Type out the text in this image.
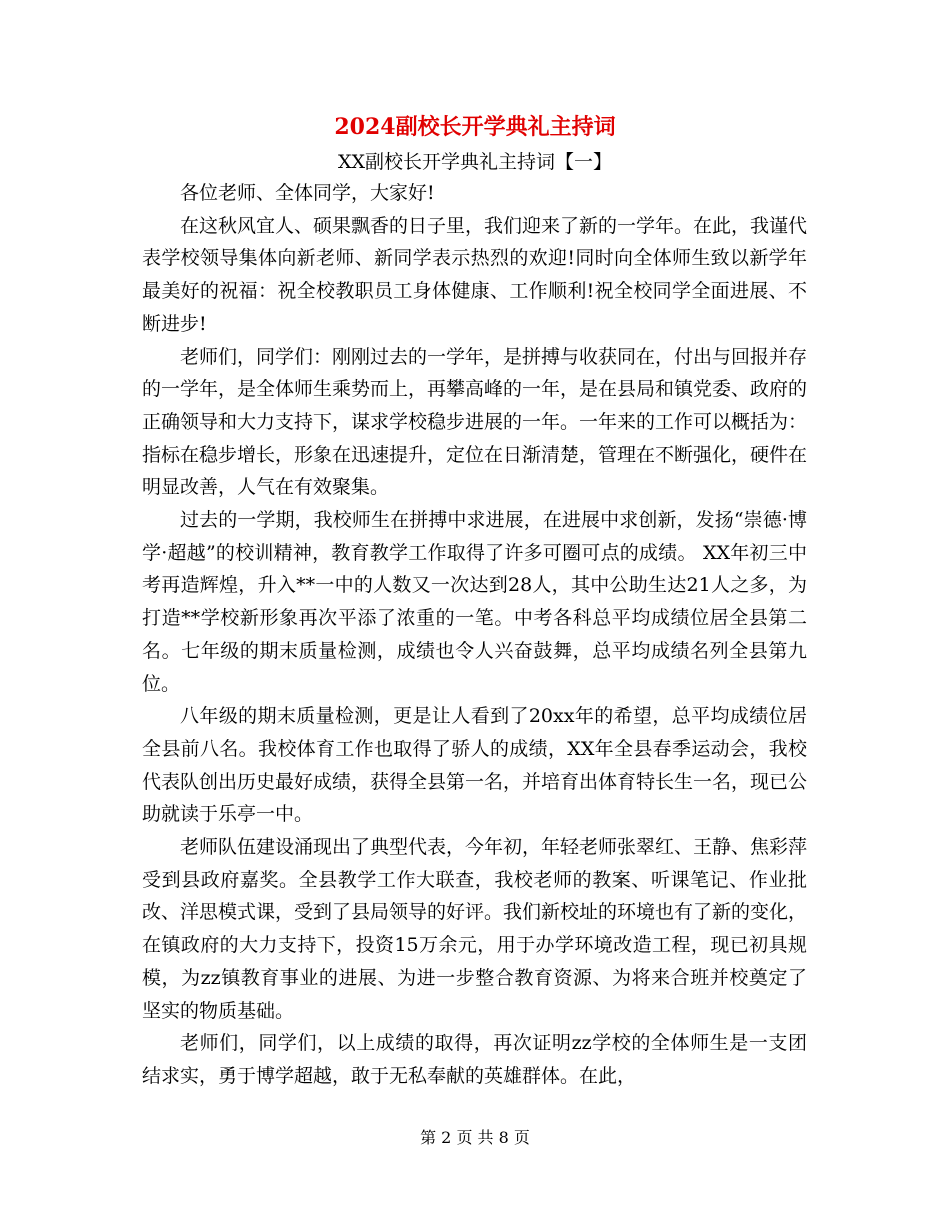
2024副校长开学典礼主持词
XX副校长开学典礼主持词【一】

各位老师、全体同学，大家好!

在这秋风宜人、硕果飘香的日子里，我们迎来了新的一学年。在此，我谨代表学校领导集体向新老师、新同学表示热烈的欢迎!同时向全体师生致以新学年最美好的祝福：祝全校教职员工身体健康、工作顺利!祝全校同学全面进展、不断进步!

老师们，同学们：刚刚过去的一学年，是拼搏与收获同在，付出与回报并存的一学年，是全体师生乘势而上，再攀高峰的一年，是在县局和镇党委、政府的正确领导和大力支持下，谋求学校稳步进展的一年。一年来的工作可以概括为：指标在稳步增长，形象在迅速提升，定位在日渐清楚，管理在不断强化，硬件在明显改善，人气在有效聚集。

过去的一学期，我校师生在拼搏中求进展，在进展中求创新，发扬“崇德·博学·超越”的校训精神，教育教学工作取得了许多可圈可点的成绩。 XX年初三中考再造辉煌，升入**一中的人数又一次达到28人，其中公助生达21人之多，为打造**学校新形象再次平添了浓重的一笔。中考各科总平均成绩位居全县第二名。七年级的期末质量检测，成绩也令人兴奋鼓舞，总平均成绩名列全县第九位。

八年级的期末质量检测，更是让人看到了20xx年的希望，总平均成绩位居全县前八名。我校体育工作也取得了骄人的成绩，XX年全县春季运动会，我校代表队创出历史最好成绩，获得全县第一名，并培育出体育特长生一名，现已公助就读于乐亭一中。

老师队伍建设涌现出了典型代表，今年初，年轻老师张翠红、王静、焦彩萍受到县政府嘉奖。全县教学工作大联查，我校老师的教案、听课笔记、作业批改、洋思模式课，受到了县局领导的好评。我们新校址的环境也有了新的变化，在镇政府的大力支持下，投资15万余元，用于办学环境改造工程，现已初具规模，为zz镇教育事业的进展、为进一步整合教育资源、为将来合班并校奠定了坚实的物质基础。

老师们，同学们，以上成绩的取得，再次证明zz学校的全体师生是一支团结求实，勇于博学超越，敢于无私奉献的英雄群体。在此，

第 2 页 共 8 页
